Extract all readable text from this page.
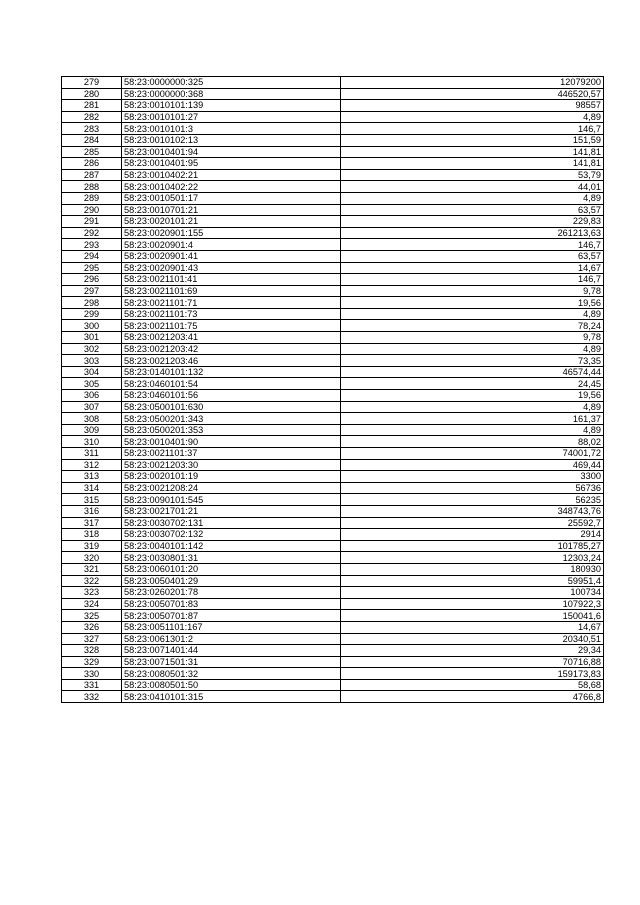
279	58:23:0000000:325	12079200
280	58:23:0000000:368	446520,57
281	58:23:0010101:139	98557
282	58:23:0010101:27	4,89
283	58:23:0010101:3	146,7
284	58:23:0010102:13	151,59
285	58:23:0010401:94	141,81
286	58:23:0010401:95	141,81
287	58:23:0010402:21	53,79
288	58:23:0010402:22	44,01
289	58:23:0010501:17	4,89
290	58:23:0010701:21	63,57
291	58:23:0020101:21	229,83
292	58:23:0020901:155	261213,63
293	58:23:0020901:4	146,7
294	58:23:0020901:41	63,57
295	58:23:0020901:43	14,67
296	58:23:0021101:41	146,7
297	58:23:0021101:69	9,78
298	58:23:0021101:71	19,56
299	58:23:0021101:73	4,89
300	58:23:0021101:75	78,24
301	58:23:0021203:41	9,78
302	58:23:0021203:42	4,89
303	58:23:0021203:46	73,35
304	58:23:0140101:132	46574,44
305	58:23:0460101:54	24,45
306	58:23:0460101:56	19,56
307	58:23:0500101:630	4,89
308	58:23:0500201:343	161,37
309	58:23:0500201:353	4,89
310	58:23:0010401:90	88,02
311	58:23:0021101:37	74001,72
312	58:23:0021203:30	469,44
313	58:23:0020101:19	3300
314	58:23:0021208:24	56736
315	58:23:0090101:545	56235
316	58:23:0021701:21	348743,76
317	58:23:0030702:131	25592,7
318	58:23:0030702:132	2914
319	58:23:0040101:142	101785,27
320	58:23:0030801:31	12303,24
321	58:23:0060101:20	180930
322	58:23:0050401:29	59951,4
323	58:23:0260201:78	100734
324	58:23:0050701:83	107922,3
325	58:23:0050701:87	150041,6
326	58:23:0051101:167	14,67
327	58:23:0061301:2	20340,51
328	58:23:0071401:44	29,34
329	58:23:0071501:31	70716,88
330	58:23:0080501:32	159173,83
331	58:23:0080501:50	58,68
332	58:23:0410101:315	4766,8
